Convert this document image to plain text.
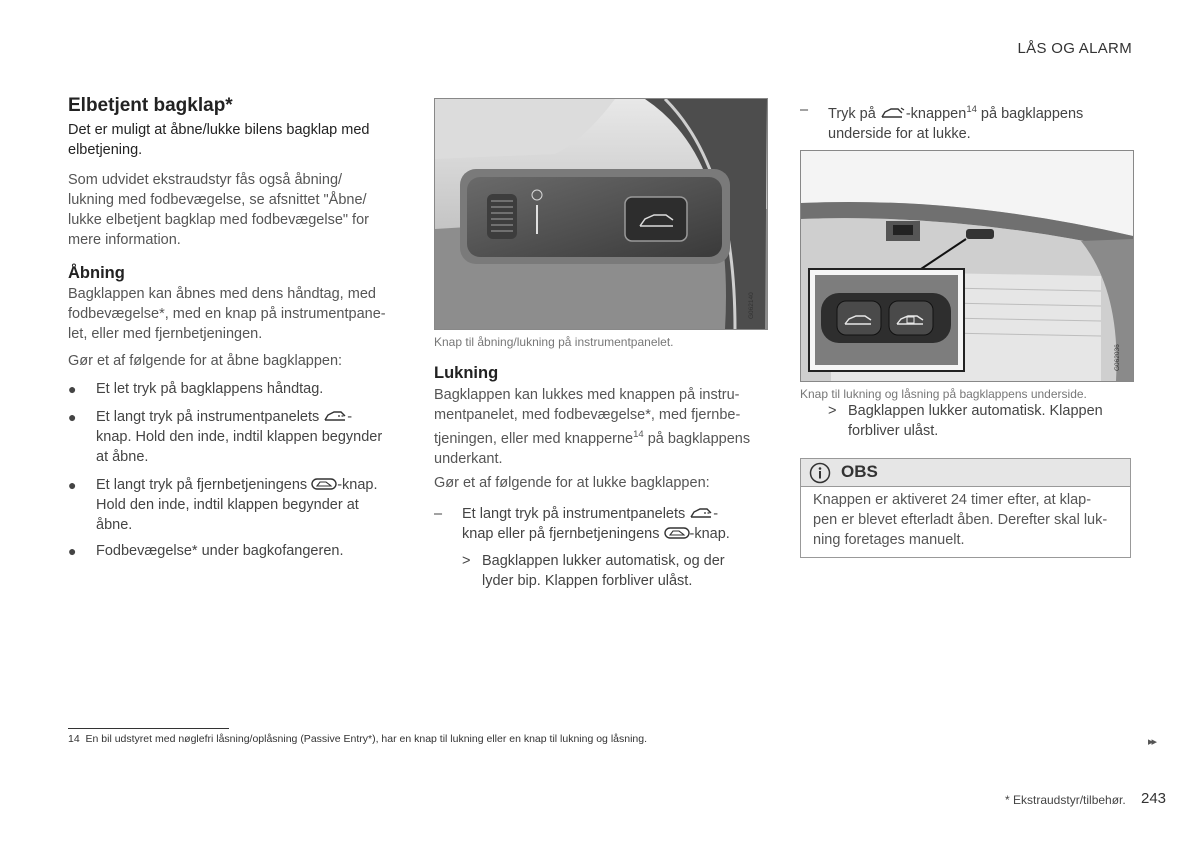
LÅS OG ALARM
Elbetjent bagklap*
Det er muligt at åbne/lukke bilens bagklap med
elbetjening.
Som udvidet ekstraudstyr fås også åbning/
lukning med fodbevægelse, se afsnittet "Åbne/
lukke elbetjent bagklap med fodbevægelse" for
mere information.
Åbning
Bagklappen kan åbnes med dens håndtag, med
fodbevægelse*, med en knap på instrumentpane-
let, eller med fjernbetjeningen.
Gør et af følgende for at åbne bagklappen:
● Et let tryk på bagklappens håndtag.
● Et langt tryk på instrumentpanelets -
knap. Hold den inde, indtil klappen begynder
at åbne.
● Et langt tryk på fjernbetjeningens -knap.
Hold den inde, indtil klappen begynder at
åbne.
● Fodbevægelse* under bagkofangeren.
G062140
Knap til åbning/lukning på instrumentpanelet.
Lukning
Bagklappen kan lukkes med knappen på instru-
mentpanelet, med fodbevægelse*, med fjernbe-
tjeningen, eller med knapperne$^{14}$ på bagklappens
underkant.
Gør et af følgende for at lukke bagklappen:
– Et langt tryk på instrumentpanelets -
knap eller på fjernbetjeningens -knap.
> Bagklappen lukker automatisk, og der
lyder bip. Klappen forbliver ulåst.
– Tryk på -knappen$^{14}$ på bagklappens
underside for at lukke.
G062036
Knap til lukning og låsning på bagklappens underside.
> Bagklappen lukker automatisk. Klappen
forbliver ulåst.
OBS
Knappen er aktiveret 24 timer efter, at klap-
pen er blevet efterladt åben. Derefter skal luk-
ning foretages manuelt.
14 En bil udstyret med nøglefri låsning/oplåsning (Passive Entry*), har en knap til lukning eller en knap til lukning og låsning.	▸▸
* Ekstraudstyr/tilbehør. 243
